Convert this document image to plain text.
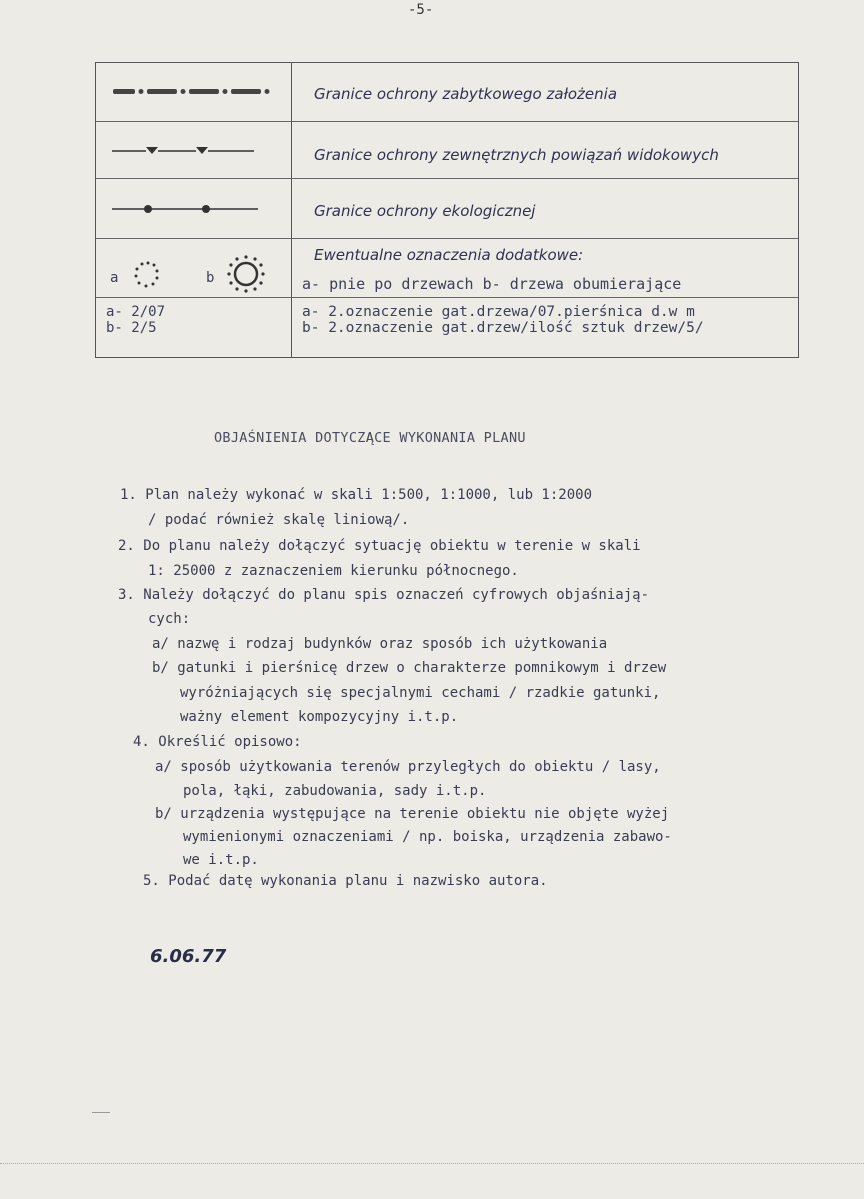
-5-
Granice ochrony zabytkowego założenia
Granice ochrony zewnętrznych powiązań widokowych
Granice ochrony ekologicznej
a	b
Ewentualne oznaczenia dodatkowe:
a- pnie po drzewach b- drzewa obumierające
a- 2/07
b- 2/5
a- 2.oznaczenie gat.drzewa/07.pierśnica d.w m
b- 2.oznaczenie gat.drzew/ilość sztuk drzew/5/
OBJAŚNIENIA DOTYCZĄCE WYKONANIA PLANU
1. Plan należy wykonać w skali 1:500, 1:1000, lub 1:2000
/ podać również skalę liniową/.
2. Do planu należy dołączyć sytuację obiektu w terenie w skali
1: 25000 z zaznaczeniem kierunku północnego.
3. Należy dołączyć do planu spis oznaczeń cyfrowych objaśniają-
cych:
a/ nazwę i rodzaj budynków oraz sposób ich użytkowania
b/ gatunki i pierśnicę drzew o charakterze pomnikowym i drzew
wyróżniających się specjalnymi cechami / rzadkie gatunki,
ważny element kompozycyjny i.t.p.
4. Określić opisowo:
a/ sposób użytkowania terenów przyległych do obiektu / lasy,
pola, łąki, zabudowania, sady i.t.p.
b/ urządzenia występujące na terenie obiektu nie objęte wyżej
wymienionymi oznaczeniami / np. boiska, urządzenia zabawo-
we i.t.p.
5. Podać datę wykonania planu i nazwisko autora.
6.06.77
